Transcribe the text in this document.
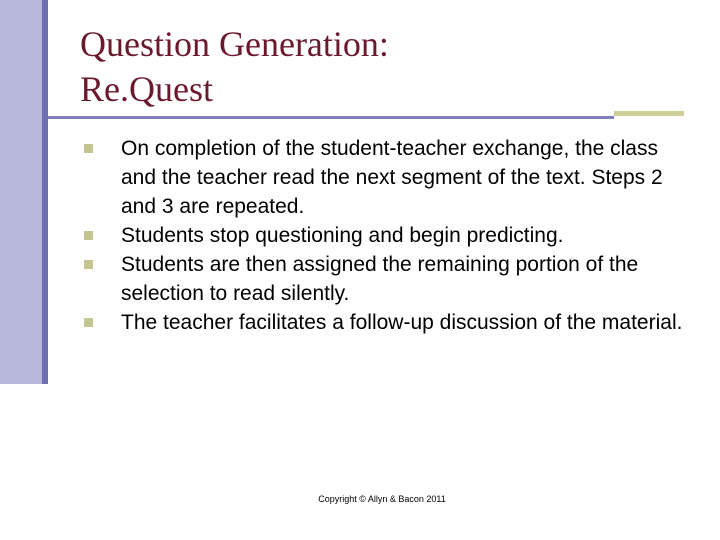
Question Generation:
Re.Quest
On completion of the student-teacher exchange, the class and the teacher read the next segment of the text. Steps 2 and 3 are repeated.
Students stop questioning and begin predicting.
Students are then assigned the remaining portion of the selection to read silently.
The teacher facilitates a follow-up discussion of the material.
Copyright © Allyn & Bacon 2011
